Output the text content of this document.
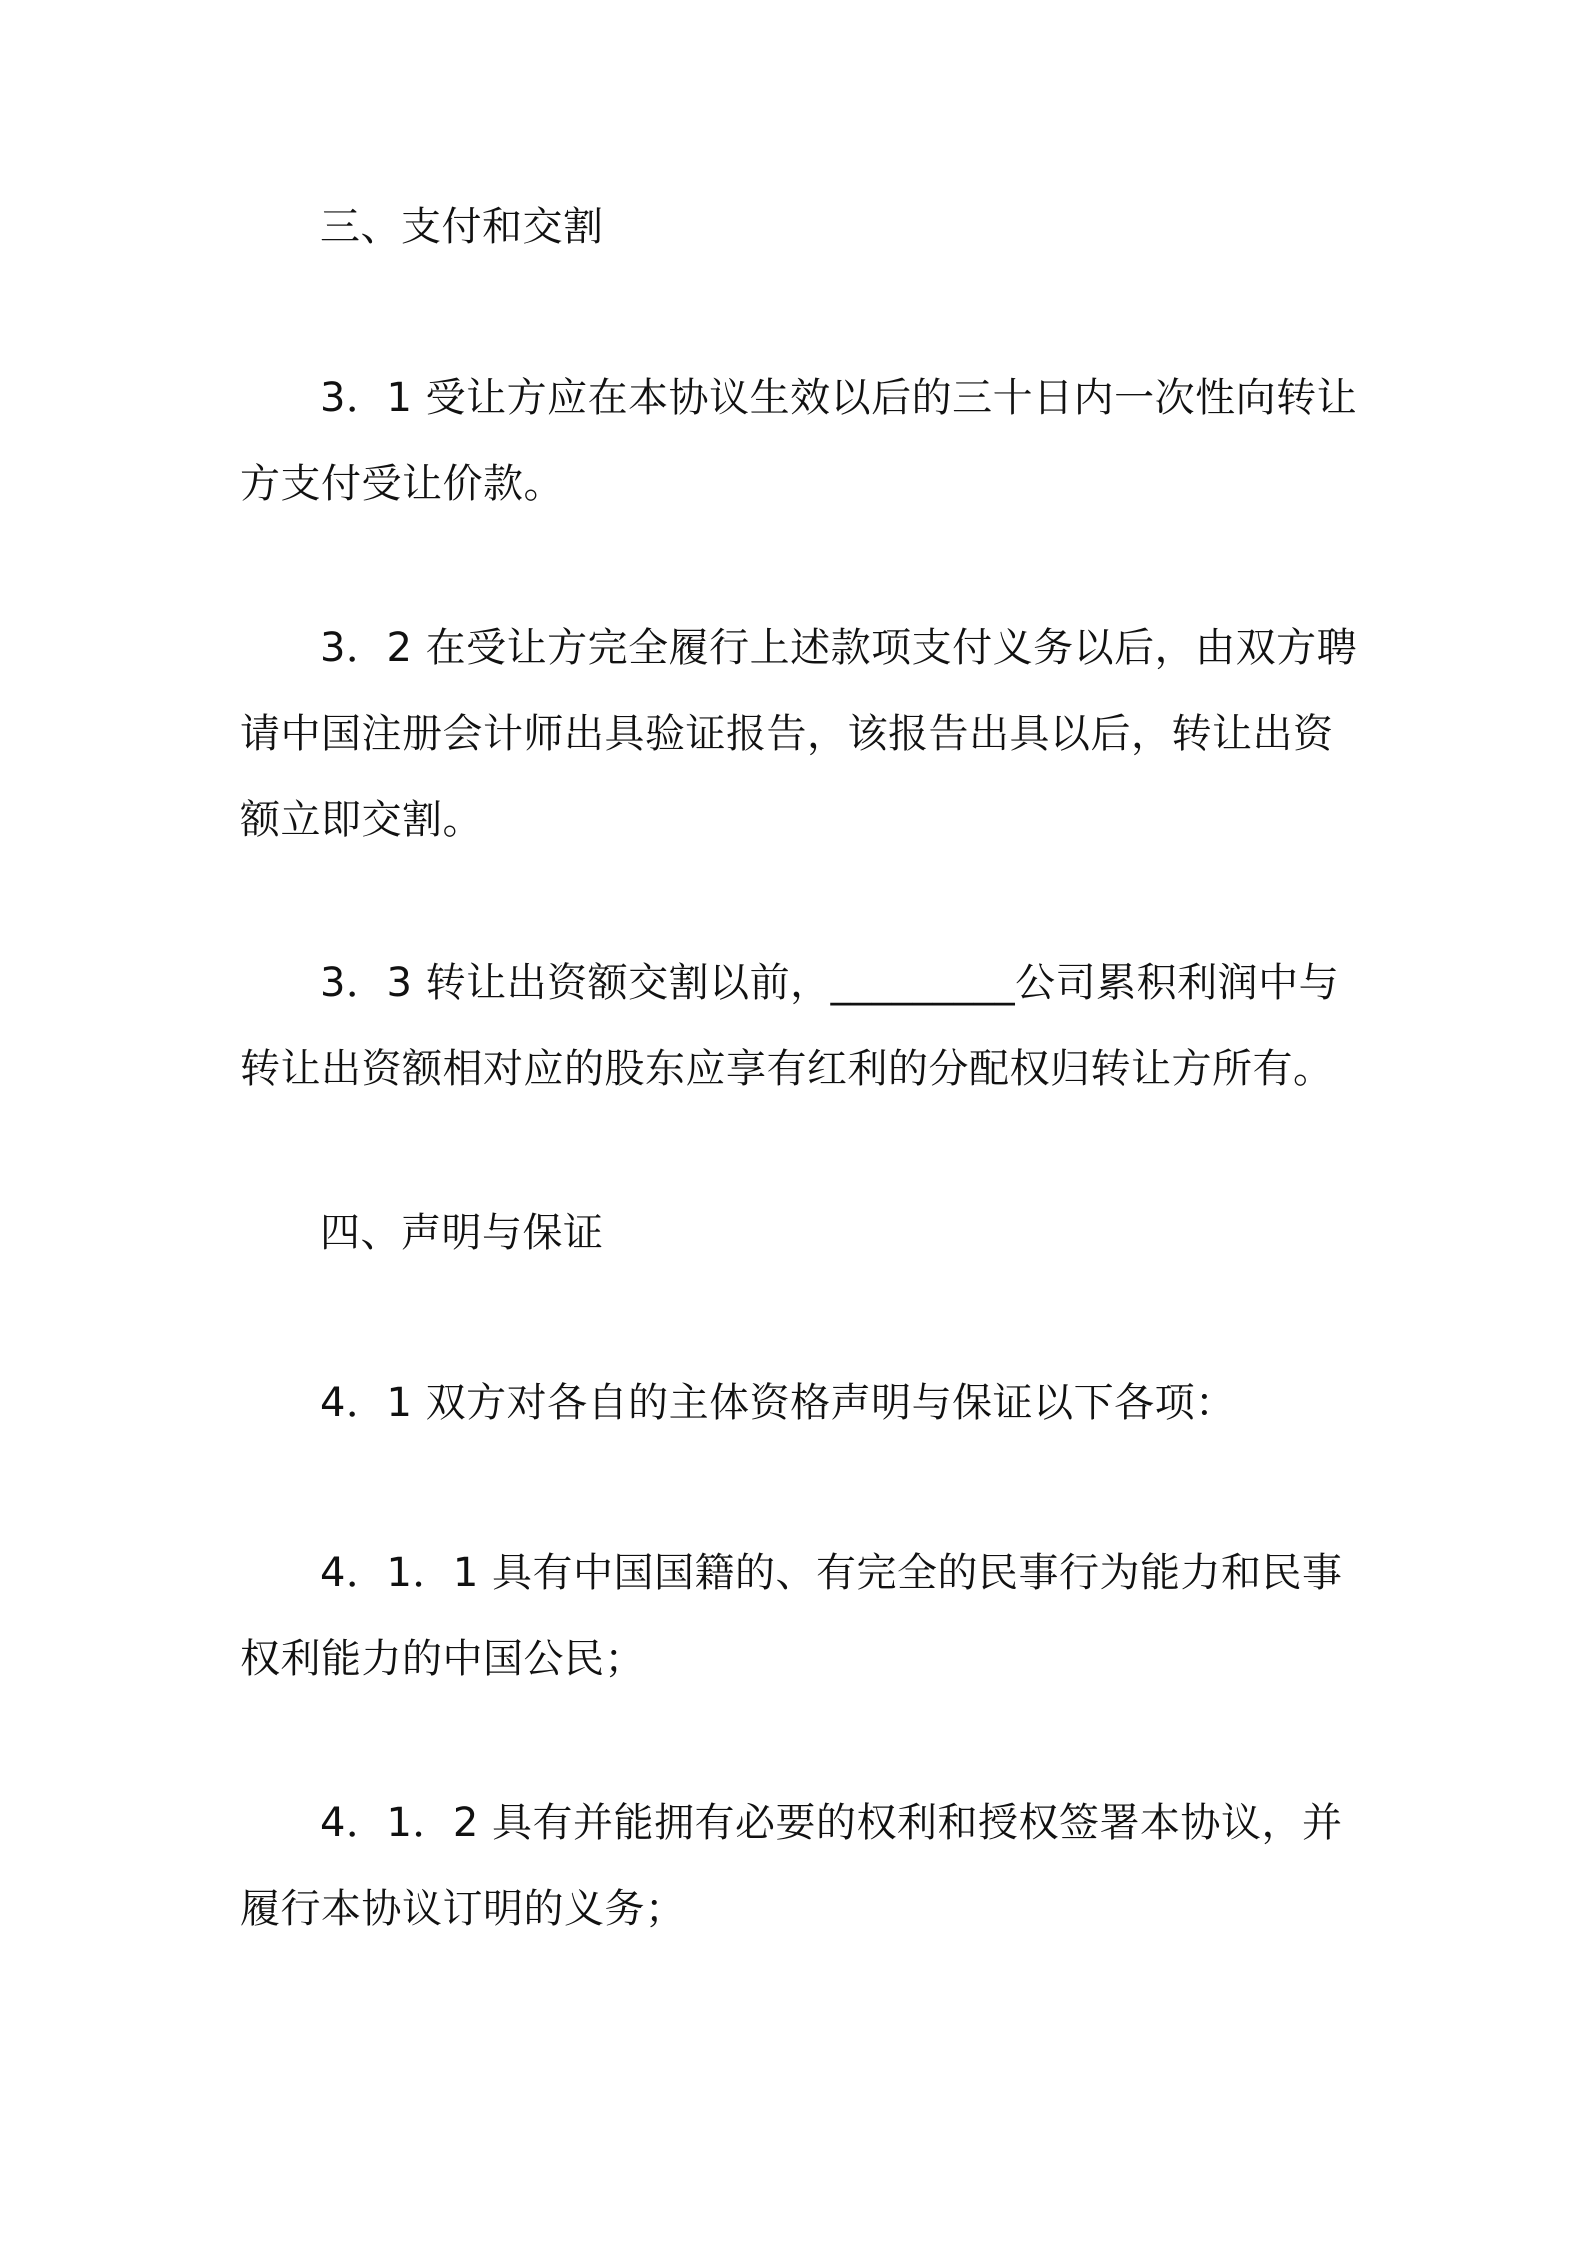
三、支付和交割

3．1 受让方应在本协议生效以后的三十日内一次性向转让方支付受让价款。

3．2 在受让方完全履行上述款项支付义务以后，由双方聘请中国注册会计师出具验证报告，该报告出具以后，转让出资额立即交割。

3．3 转让出资额交割以前，_________公司累积利润中与转让出资额相对应的股东应享有红利的分配权归转让方所有。

四、声明与保证

4．1 双方对各自的主体资格声明与保证以下各项：

4．1．1 具有中国国籍的、有完全的民事行为能力和民事权利能力的中国公民；

4．1．2 具有并能拥有必要的权利和授权签署本协议，并履行本协议订明的义务；
